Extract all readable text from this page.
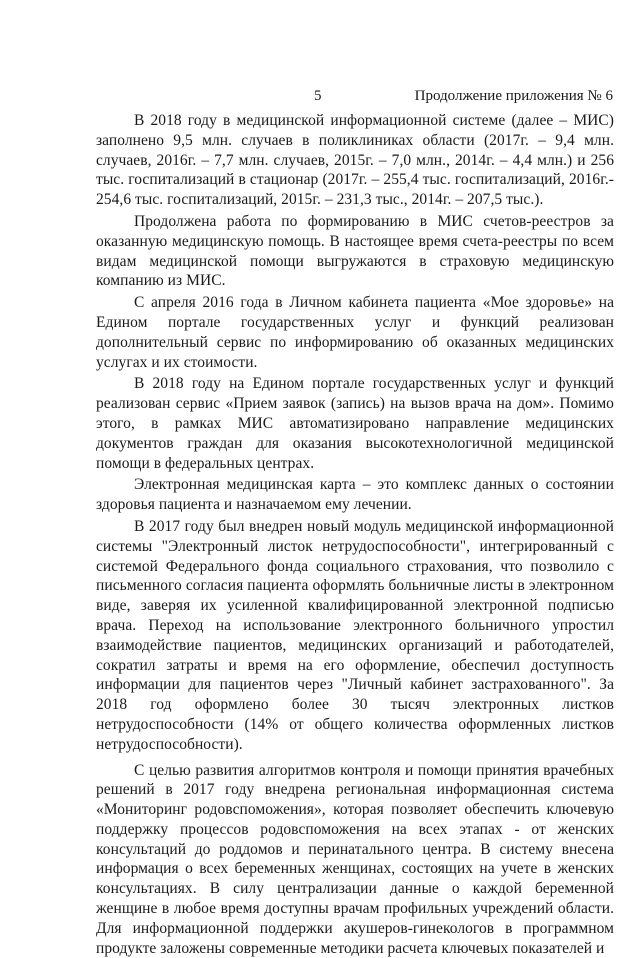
5	Продолжение приложения № 6

В 2018 году в медицинской информационной системе (далее – МИС) заполнено 9,5 млн. случаев в поликлиниках области (2017г. – 9,4 млн. случаев, 2016г. – 7,7 млн. случаев, 2015г. – 7,0 млн., 2014г. – 4,4 млн.) и 256 тыс. госпитализаций в стационар (2017г. – 255,4 тыс. госпитализаций, 2016г.- 254,6 тыс. госпитализаций, 2015г. – 231,3 тыс., 2014г. – 207,5 тыс.).

Продолжена работа по формированию в МИС счетов-реестров за оказанную медицинскую помощь. В настоящее время счета-реестры по всем видам медицинской помощи выгружаются в страховую медицинскую компанию из МИС.

С апреля 2016 года в Личном кабинета пациента «Мое здоровье» на Едином портале государственных услуг и функций реализован дополнительный сервис по информированию об оказанных медицинских услугах и их стоимости.

В 2018 году на Едином портале государственных услуг и функций реализован сервис «Прием заявок (запись) на вызов врача на дом». Помимо этого, в рамках МИС автоматизировано направление медицинских документов граждан для оказания высокотехнологичной медицинской помощи в федеральных центрах.

Электронная медицинская карта – это комплекс данных о состоянии здоровья пациента и назначаемом ему лечении.

В 2017 году был внедрен новый модуль медицинской информационной системы "Электронный листок нетрудоспособности", интегрированный с системой Федерального фонда социального страхования, что позволило с письменного согласия пациента оформлять больничные листы в электронном виде, заверяя их усиленной квалифицированной электронной подписью врача. Переход на использование электронного больничного упростил взаимодействие пациентов, медицинских организаций и работодателей, сократил затраты и время на его оформление, обеспечил доступность информации для пациентов через "Личный кабинет застрахованного". За 2018 год оформлено более 30 тысяч электронных листков нетрудоспособности (14% от общего количества оформленных листков нетрудоспособности).

С целью развития алгоритмов контроля и помощи принятия врачебных решений в 2017 году внедрена региональная информационная система «Мониторинг родовспоможения», которая позволяет обеспечить ключевую поддержку процессов родовспоможения на всех этапах - от женских консультаций до роддомов и перинатального центра. В систему внесена информация о всех беременных женщинах, состоящих на учете в женских консультациях. В силу централизации данные о каждой беременной женщине в любое время доступны врачам профильных учреждений области. Для информационной поддержки акушеров-гинекологов в программном продукте заложены современные методики расчета ключевых показателей и
